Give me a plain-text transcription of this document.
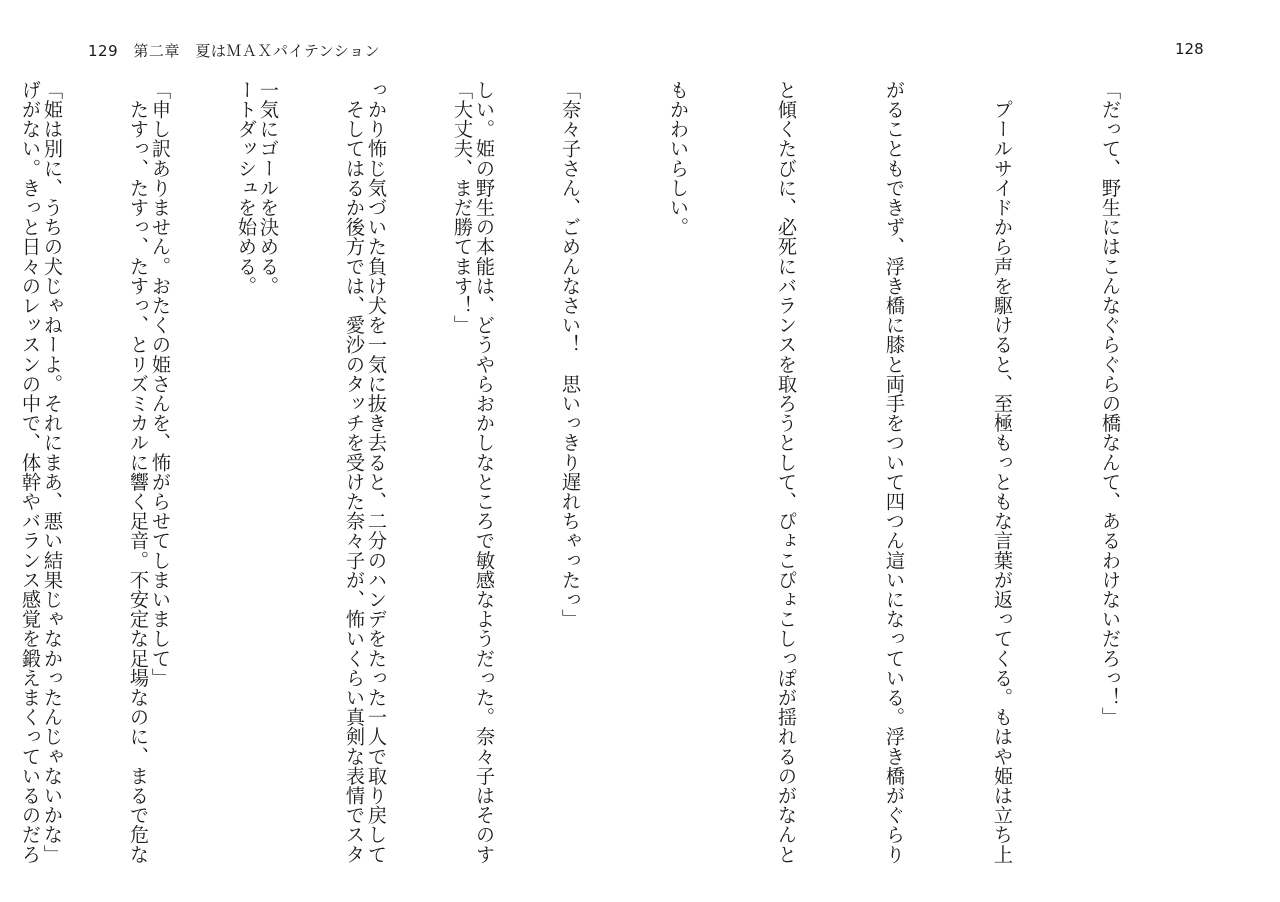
129 第二章　夏はＭＡＸパイテンション

しい。姫の野生の本能は、どうやらおかしなところで敏感なようだった。奈々子はそのす

っかり怖じ気づいた負け犬を一気に抜き去ると、二分のハンデをたった一人で取り戻して

一気にゴールを決める。

「申し訳ありません。おたくの姫さんを、怖がらせてしまいまして」

「姫は別に、うちの犬じゃねーよ。それにまあ、悪い結果じゃなかったんじゃないかな」

128

「だって、野生にはこんなぐらぐらの橋なんて、あるわけないだろっ！」

　プールサイドから声を駆けると、至極もっともな言葉が返ってくる。もはや姫は立ち上

がることもできず、浮き橋に膝と両手をついて四つん這いになっている。浮き橋がぐらり

と傾くたびに、必死にバランスを取ろうとして、ぴょこぴょこしっぽが揺れるのがなんと

もかわいらしい。

「奈々子さん、ごめんなさい！　思いっきり遅れちゃったっ」

「大丈夫、まだ勝てます！」

　そしてはるか後方では、愛沙のタッチを受けた奈々子が、怖いくらい真剣な表情でスタ

ートダッシュを始める。

　たすっ、たすっ、たすっ、とリズミカルに響く足音。不安定な足場なのに、まるで危な

げがない。きっと日々のレッスンの中で、体幹やバランス感覚を鍛えまくっているのだろ
